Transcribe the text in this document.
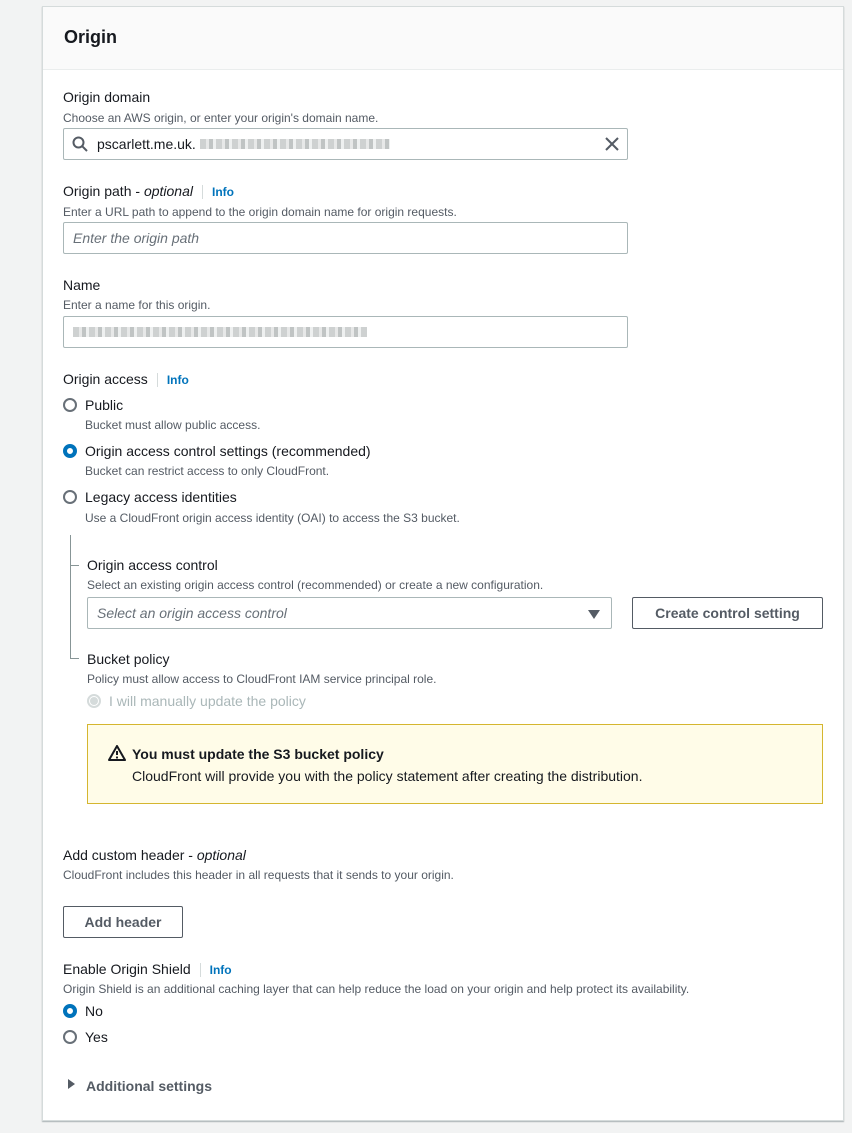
Origin
Origin domain
Choose an AWS origin, or enter your origin's domain name.
pscarlett.me.uk.
Origin path - optional Info
Enter a URL path to append to the origin domain name for origin requests.
Enter the origin path
Name
Enter a name for this origin.
Origin access Info
Public
Bucket must allow public access.
Origin access control settings (recommended)
Bucket can restrict access to only CloudFront.
Legacy access identities
Use a CloudFront origin access identity (OAI) to access the S3 bucket.
Origin access control
Select an existing origin access control (recommended) or create a new configuration.
Select an origin access control	Create control setting
Bucket policy
Policy must allow access to CloudFront IAM service principal role.
I will manually update the policy
You must update the S3 bucket policy
CloudFront will provide you with the policy statement after creating the distribution.
Add custom header - optional
CloudFront includes this header in all requests that it sends to your origin.
Add header
Enable Origin Shield Info
Origin Shield is an additional caching layer that can help reduce the load on your origin and help protect its availability.
No
Yes
Additional settings
